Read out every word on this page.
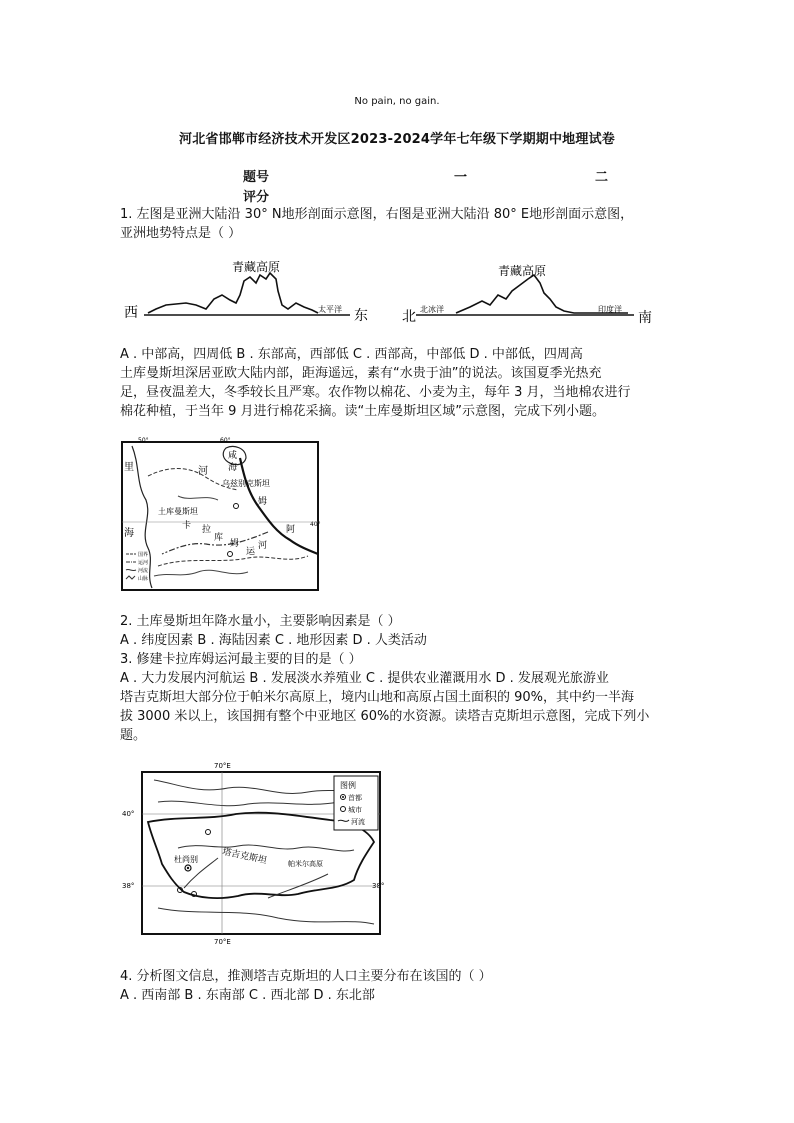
No pain, no gain.
河北省邯郸市经济技术开发区2023-2024学年七年级下学期期中地理试卷
题号	一	二
评分
1. 左图是亚洲大陆沿 30° N地形剖面示意图，右图是亚洲大陆沿 80° E地形剖面示意图，
亚洲地势特点是（ ）
青藏高原
西	东
太平洋
青藏高原
北	南
北冰洋	印度洋
A . 中部高，四周低 B . 东部高，西部低 C . 西部高，中部低 D . 中部低，四周高
土库曼斯坦深居亚欧大陆内部，距海遥远，素有“水贵于油”的说法。该国夏季光热充
足，昼夜温差大，冬季较长且严寒。农作物以棉花、小麦为主，每年 3 月，当地棉农进行
棉花种植，于当年 9 月进行棉花采摘。读“土库曼斯坦区域”示意图，完成下列小题。
50°	60°
40°
里
海
河
咸
海
乌兹别克斯坦
土库曼斯坦
卡 拉
库
姆
运
河
阿
姆
国界
运河
河流
山脉
2. 土库曼斯坦年降水量小，主要影响因素是（ ）
A . 纬度因素 B . 海陆因素 C . 地形因素 D . 人类活动
3. 修建卡拉库姆运河最主要的目的是（ ）
A . 大力发展内河航运 B . 发展淡水养殖业 C . 提供农业灌溉用水 D . 发展观光旅游业
塔吉克斯坦大部分位于帕米尔高原上，境内山地和高原占国土面积的 90%，其中约一半海
拔 3000 米以上，该国拥有整个中亚地区 60%的水资源。读塔吉克斯坦示意图，完成下列小
题。
70°E
70°E
40°
38°	38°
杜尚别	塔吉克斯坦	帕米尔高原
图例
首都
城市
河流
4. 分析图文信息，推测塔吉克斯坦的人口主要分布在该国的（ ）
A . 西南部 B . 东南部 C . 西北部 D . 东北部
